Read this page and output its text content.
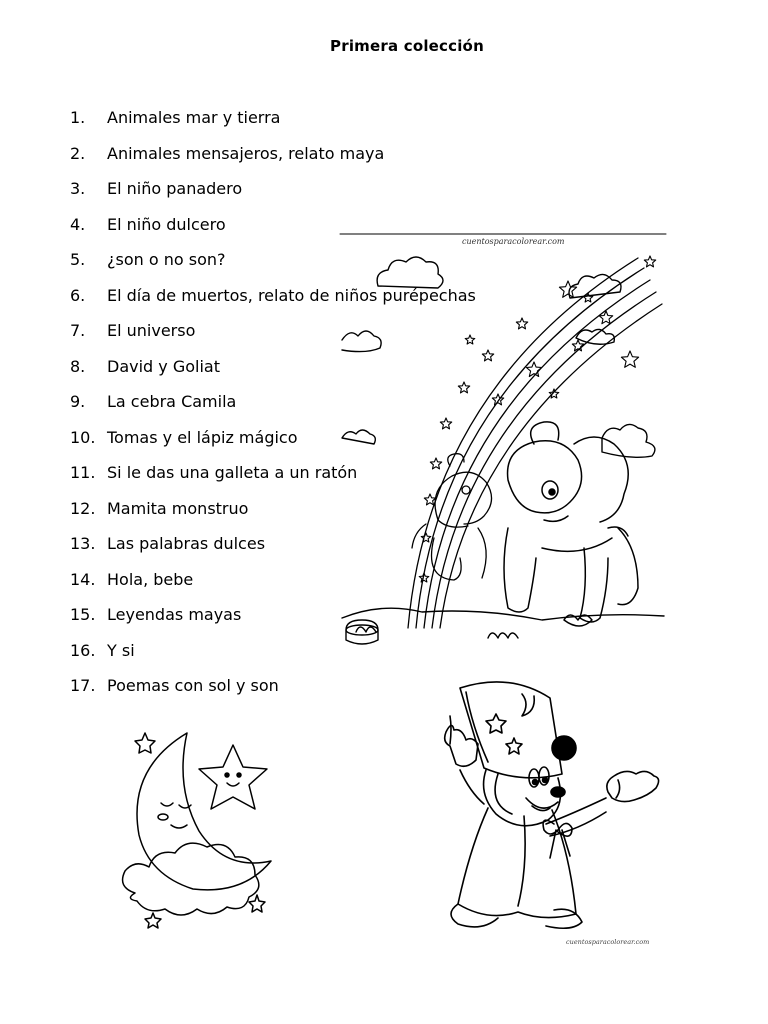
Primera colección
1.	Animales mar y tierra
2.	Animales mensajeros, relato maya
3.	El niño panadero
4.	El niño dulcero
5.	¿son o no son?
6.	El día de muertos, relato de niños purépechas
7.	El universo
8.	David y Goliat
9.	La cebra Camila
10. Tomas y el lápiz mágico
11. Si le das una galleta a un ratón
12. Mamita monstruo
13. Las palabras dulces
14. Hola, bebe
15. Leyendas mayas
16. Y si
17. Poemas con sol y son
cuentosparacolorear.com
cuentosparacolorear.com
